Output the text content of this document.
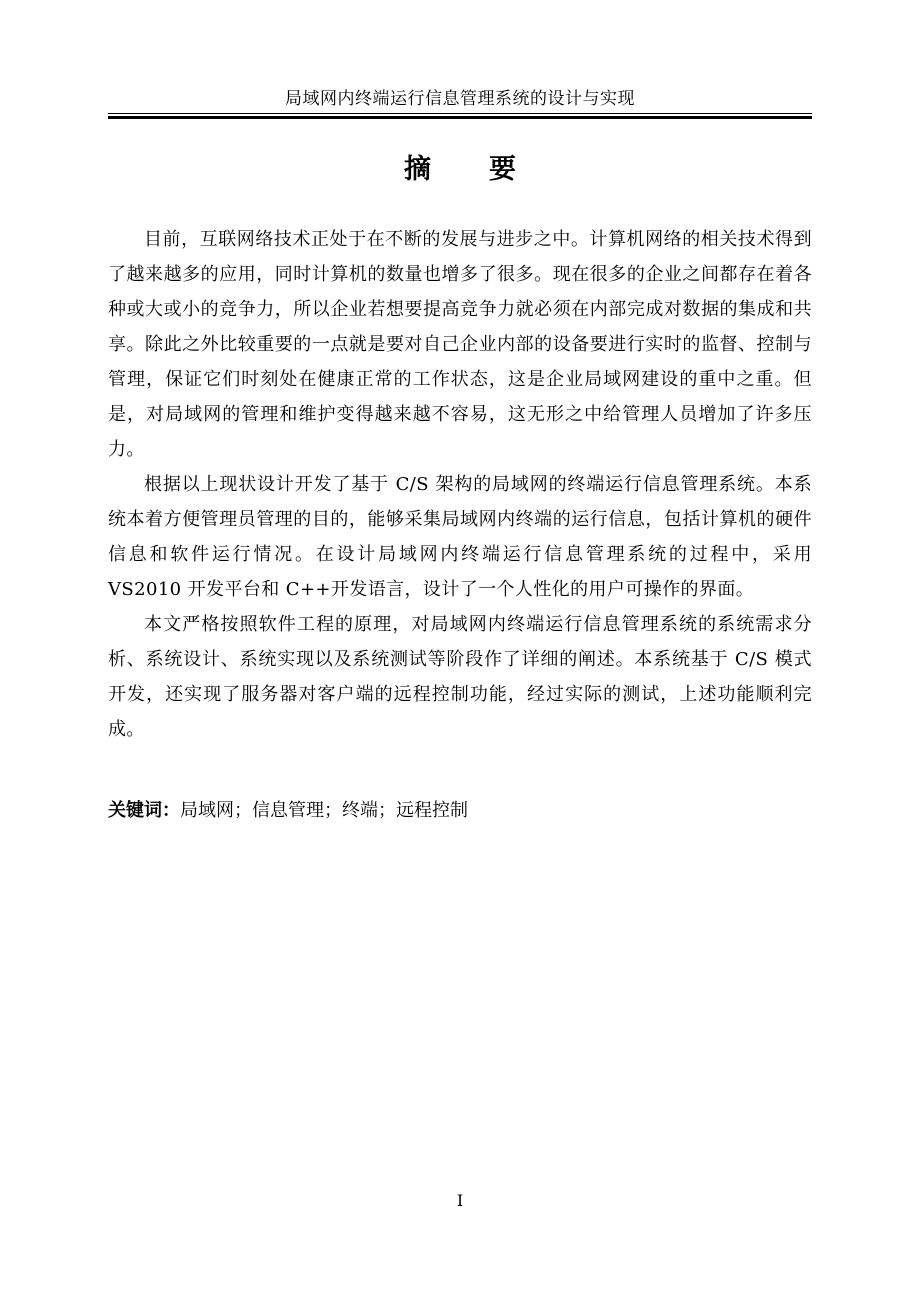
局域网内终端运行信息管理系统的设计与实现
摘 要

目前，互联网络技术正处于在不断的发展与进步之中。计算机网络的相关技术得到了越来越多的应用，同时计算机的数量也增多了很多。现在很多的企业之间都存在着各种或大或小的竞争力，所以企业若想要提高竞争力就必须在内部完成对数据的集成和共享。除此之外比较重要的一点就是要对自己企业内部的设备要进行实时的监督、控制与管理，保证它们时刻处在健康正常的工作状态，这是企业局域网建设的重中之重。但是，对局域网的管理和维护变得越来越不容易，这无形之中给管理人员增加了许多压力。

根据以上现状设计开发了基于 C/S 架构的局域网的终端运行信息管理系统。本系统本着方便管理员管理的目的，能够采集局域网内终端的运行信息，包括计算机的硬件信息和软件运行情况。在设计局域网内终端运行信息管理系统的过程中，采用 VS2010 开发平台和 C++开发语言，设计了一个人性化的用户可操作的界面。

本文严格按照软件工程的原理，对局域网内终端运行信息管理系统的系统需求分析、系统设计、系统实现以及系统测试等阶段作了详细的阐述。本系统基于 C/S 模式开发，还实现了服务器对客户端的远程控制功能，经过实际的测试，上述功能顺利完成。

关键词：局域网；信息管理；终端；远程控制
I
